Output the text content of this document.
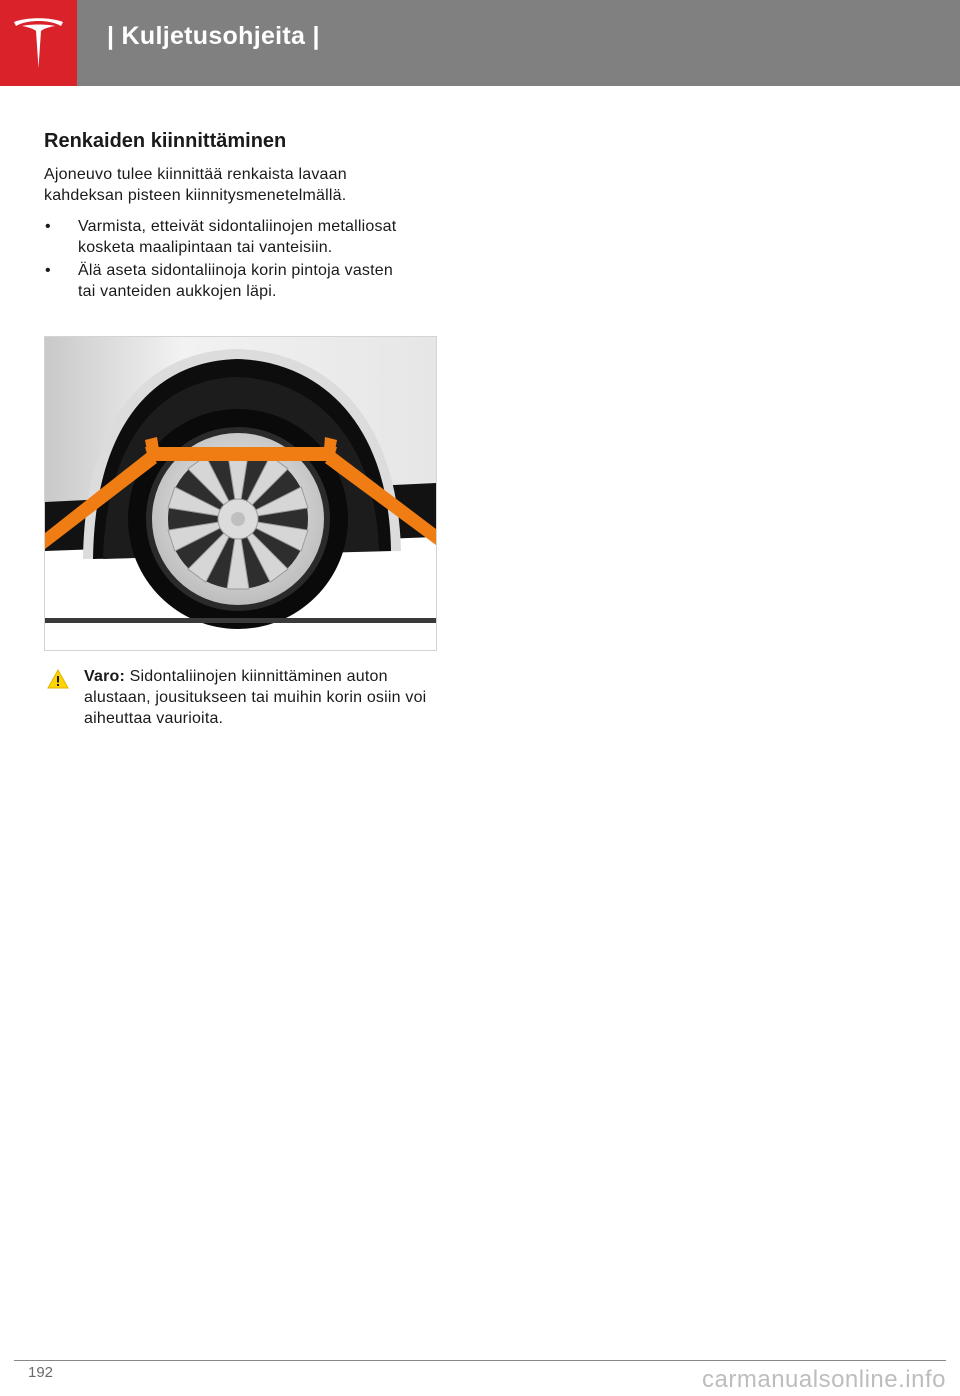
| Kuljetusohjeita |
Renkaiden kiinnittäminen
Ajoneuvo tulee kiinnittää renkaista lavaan kahdeksan pisteen kiinnitysmenetelmällä.
• Varmista, etteivät sidontaliinojen metalliosat kosketa maalipintaan tai vanteisiin.
• Älä aseta sidontaliinoja korin pintoja vasten tai vanteiden aukkojen läpi.
Varo: Sidontaliinojen kiinnittäminen auton alustaan, jousitukseen tai muihin korin osiin voi aiheuttaa vaurioita.
192	carmanualsonline.info
